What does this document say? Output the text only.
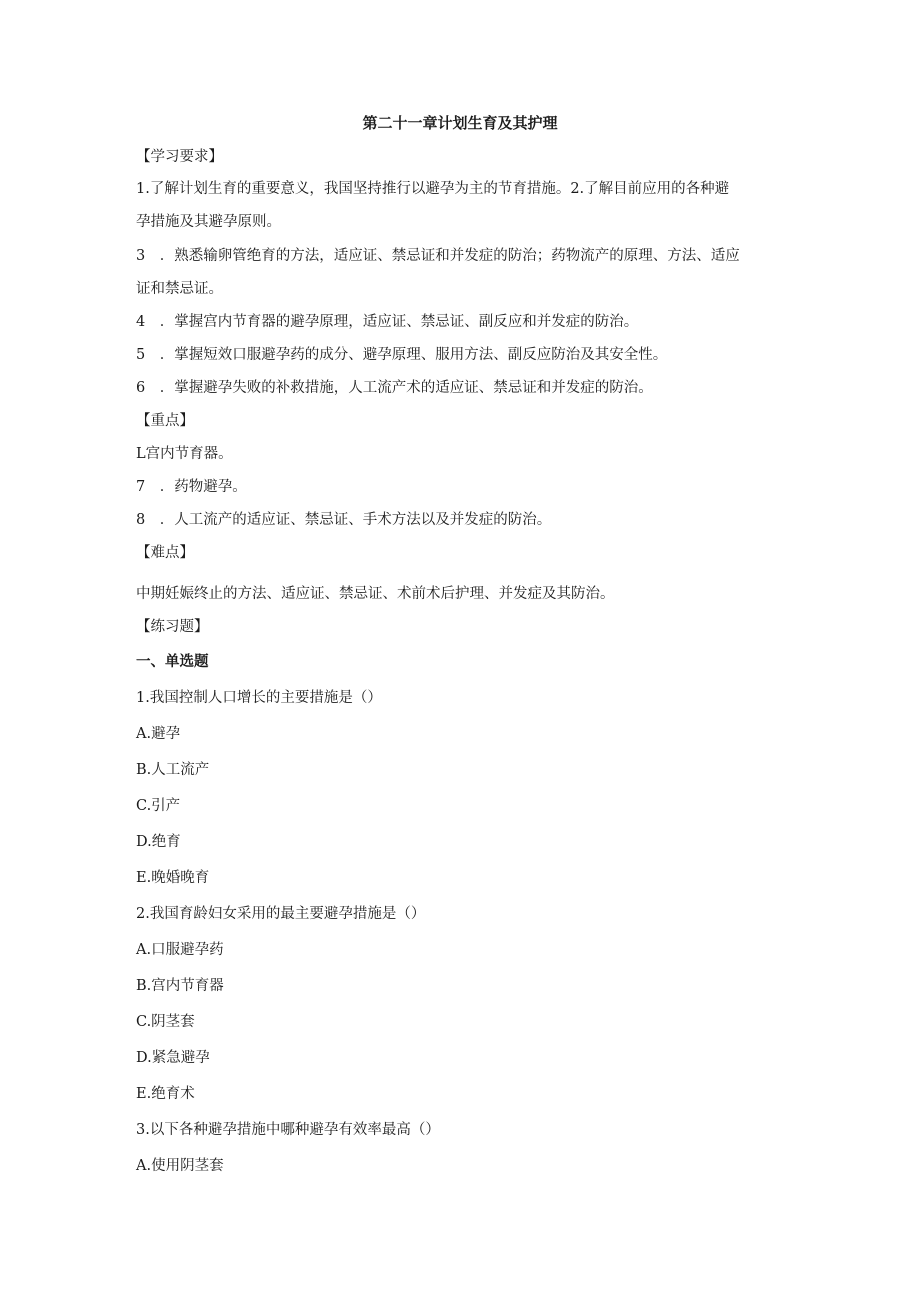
第二十一章计划生育及其护理
【学习要求】
1.了解计划生育的重要意义，我国坚持推行以避孕为主的节育措施。2.了解目前应用的各种避
孕措施及其避孕原则。
3　．熟悉输卵管绝育的方法，适应证、禁忌证和并发症的防治；药物流产的原理、方法、适应
证和禁忌证。
4　．掌握宫内节育器的避孕原理，适应证、禁忌证、副反应和并发症的防治。
5　．掌握短效口服避孕药的成分、避孕原理、服用方法、副反应防治及其安全性。
6　．掌握避孕失败的补救措施，人工流产术的适应证、禁忌证和并发症的防治。
【重点】
L宫内节育器。
7　．药物避孕。
8　．人工流产的适应证、禁忌证、手术方法以及并发症的防治。
【难点】
中期妊娠终止的方法、适应证、禁忌证、术前术后护理、并发症及其防治。
【练习题】
一、单选题
1.我国控制人口增长的主要措施是（）
A.避孕
B.人工流产
C.引产
D.绝育
E.晚婚晚育
2.我国育龄妇女采用的最主要避孕措施是（）
A.口服避孕药
B.宫内节育器
C.阴茎套
D.紧急避孕
E.绝育术
3.以下各种避孕措施中哪种避孕有效率最高（）
A.使用阴茎套
